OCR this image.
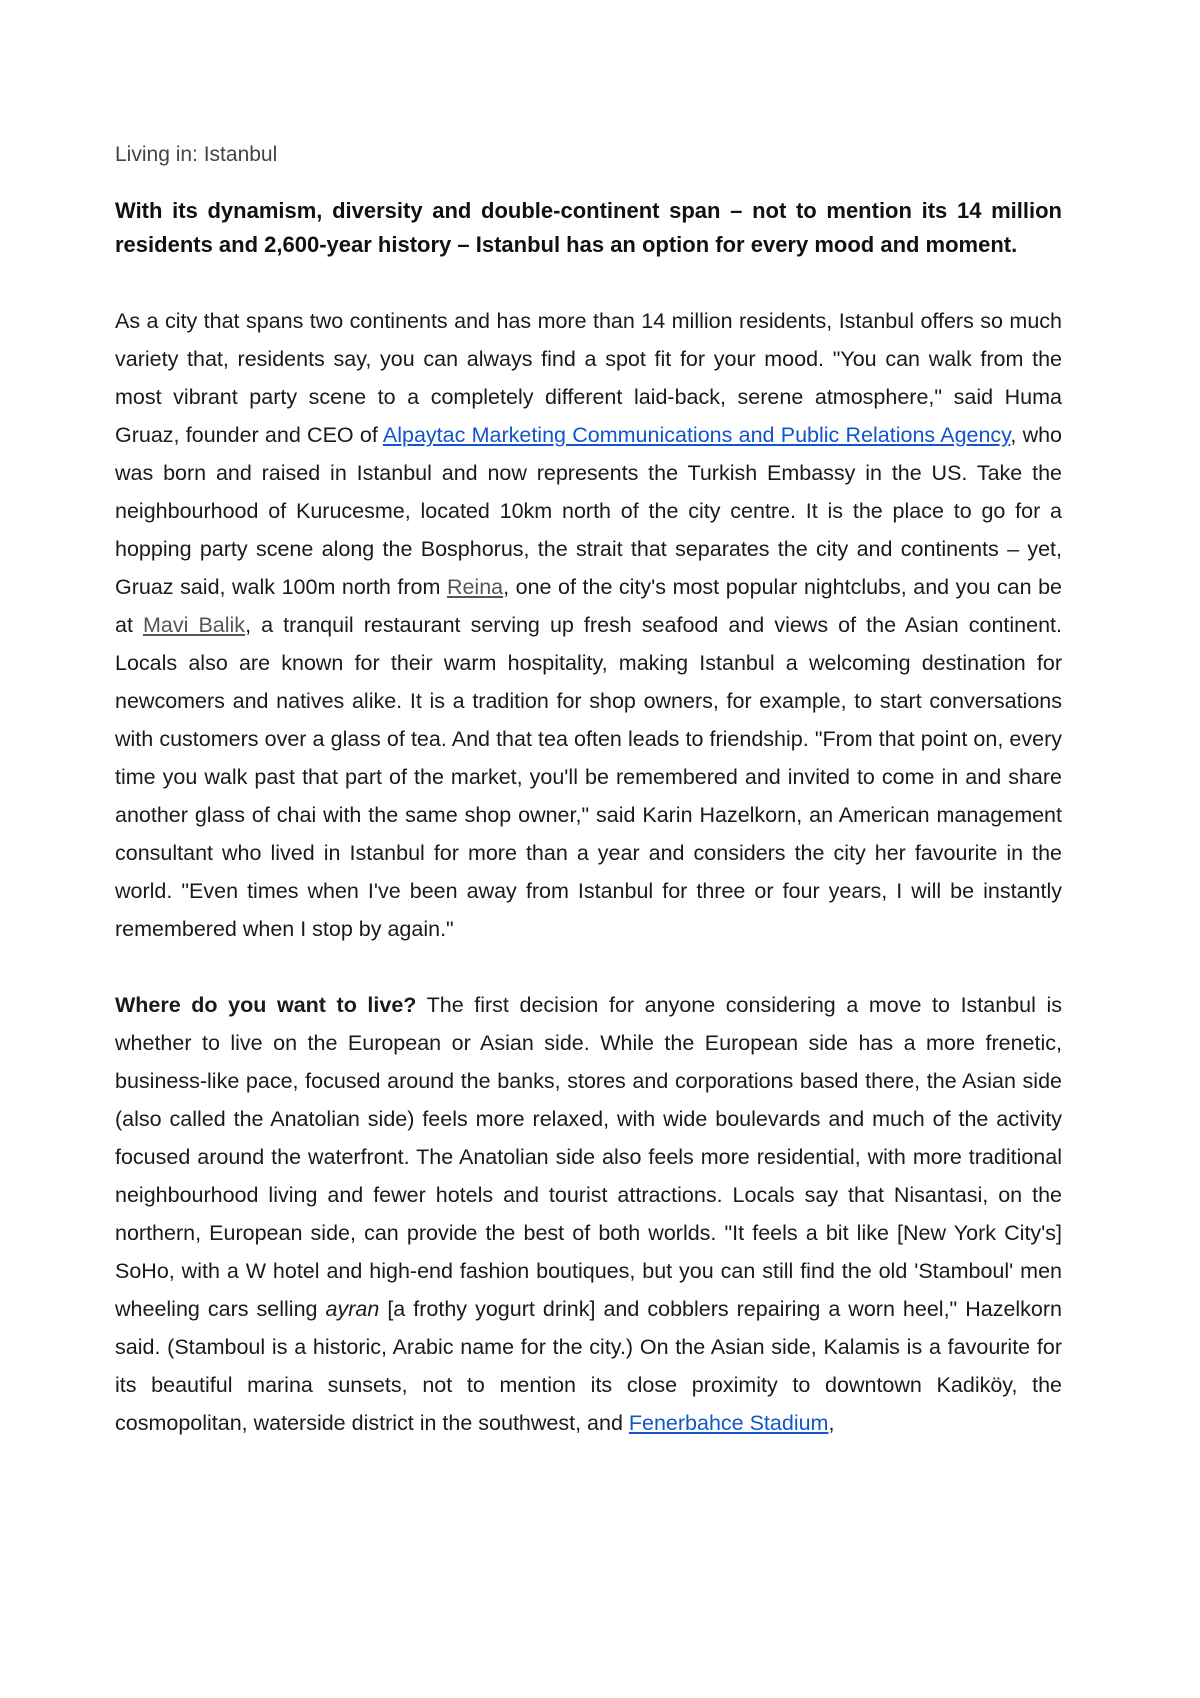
Living in: Istanbul

With its dynamism, diversity and double-continent span – not to mention its 14 million residents and 2,600-year history – Istanbul has an option for every mood and moment.

As a city that spans two continents and has more than 14 million residents, Istanbul offers so much variety that, residents say, you can always find a spot fit for your mood. "You can walk from the most vibrant party scene to a completely different laid-back, serene atmosphere," said Huma Gruaz, founder and CEO of Alpaytac Marketing Communications and Public Relations Agency, who was born and raised in Istanbul and now represents the Turkish Embassy in the US. Take the neighbourhood of Kurucesme, located 10km north of the city centre. It is the place to go for a hopping party scene along the Bosphorus, the strait that separates the city and continents – yet, Gruaz said, walk 100m north from Reina, one of the city's most popular nightclubs, and you can be at Mavi Balik, a tranquil restaurant serving up fresh seafood and views of the Asian continent. Locals also are known for their warm hospitality, making Istanbul a welcoming destination for newcomers and natives alike. It is a tradition for shop owners, for example, to start conversations with customers over a glass of tea. And that tea often leads to friendship. "From that point on, every time you walk past that part of the market, you'll be remembered and invited to come in and share another glass of chai with the same shop owner," said Karin Hazelkorn, an American management consultant who lived in Istanbul for more than a year and considers the city her favourite in the world. "Even times when I've been away from Istanbul for three or four years, I will be instantly remembered when I stop by again."

Where do you want to live? The first decision for anyone considering a move to Istanbul is whether to live on the European or Asian side. While the European side has a more frenetic, business-like pace, focused around the banks, stores and corporations based there, the Asian side (also called the Anatolian side) feels more relaxed, with wide boulevards and much of the activity focused around the waterfront. The Anatolian side also feels more residential, with more traditional neighbourhood living and fewer hotels and tourist attractions. Locals say that Nisantasi, on the northern, European side, can provide the best of both worlds. "It feels a bit like [New York City's] SoHo, with a W hotel and high-end fashion boutiques, but you can still find the old 'Stamboul' men wheeling cars selling ayran [a frothy yogurt drink] and cobblers repairing a worn heel," Hazelkorn said. (Stamboul is a historic, Arabic name for the city.) On the Asian side, Kalamis is a favourite for its beautiful marina sunsets, not to mention its close proximity to downtown Kadiköy, the cosmopolitan, waterside district in the southwest, and Fenerbahce Stadium,
